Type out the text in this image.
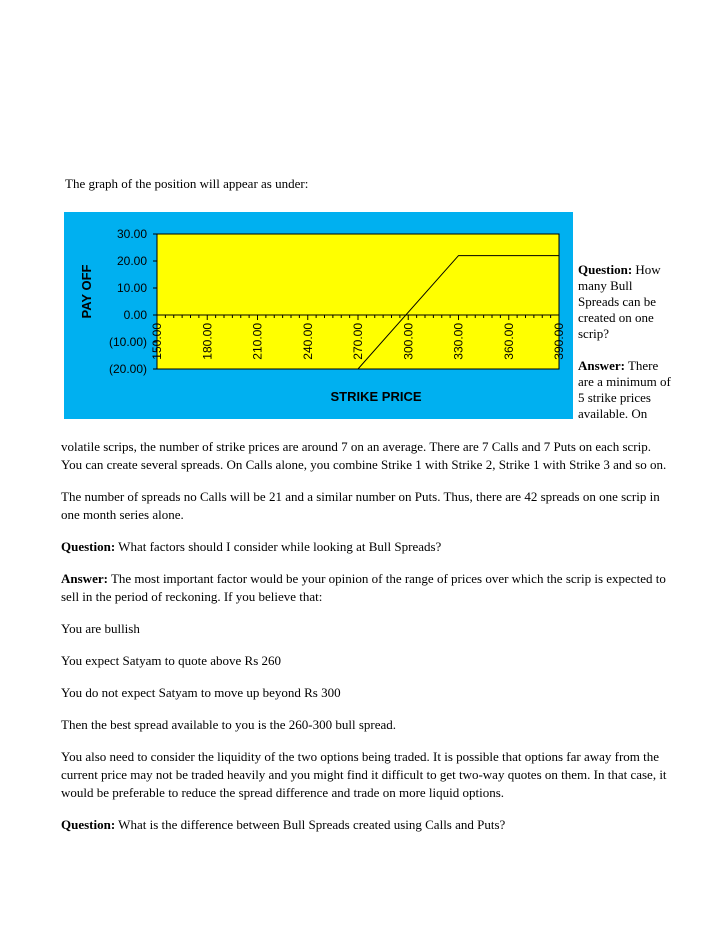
The graph of the position will appear as under:
30.00
20.00
10.00
0.00
(10.00)
(20.00)
150.00	180.00	210.00	240.00	270.00	300.00	330.00	360.00	390.00
STRIKE PRICE
PAY OFF	Question: How many Bull Spreads can be created on one scrip?

Answer: There are a minimum of 5 strike prices available. On

volatile scrips, the number of strike prices are around 7 on an average. There are 7 Calls and 7 Puts on each scrip. You can create several spreads. On Calls alone, you combine Strike 1 with Strike 2, Strike 1 with Strike 3 and so on.

The number of spreads no Calls will be 21 and a similar number on Puts. Thus, there are 42 spreads on one scrip in one month series alone.

Question: What factors should I consider while looking at Bull Spreads?

Answer: The most important factor would be your opinion of the range of prices over which the scrip is expected to sell in the period of reckoning. If you believe that:

You are bullish

You expect Satyam to quote above Rs 260

You do not expect Satyam to move up beyond Rs 300

Then the best spread available to you is the 260-300 bull spread.

You also need to consider the liquidity of the two options being traded. It is possible that options far away from the current price may not be traded heavily and you might find it difficult to get two-way quotes on them. In that case, it would be preferable to reduce the spread difference and trade on more liquid options.

Question: What is the difference between Bull Spreads created using Calls and Puts?
